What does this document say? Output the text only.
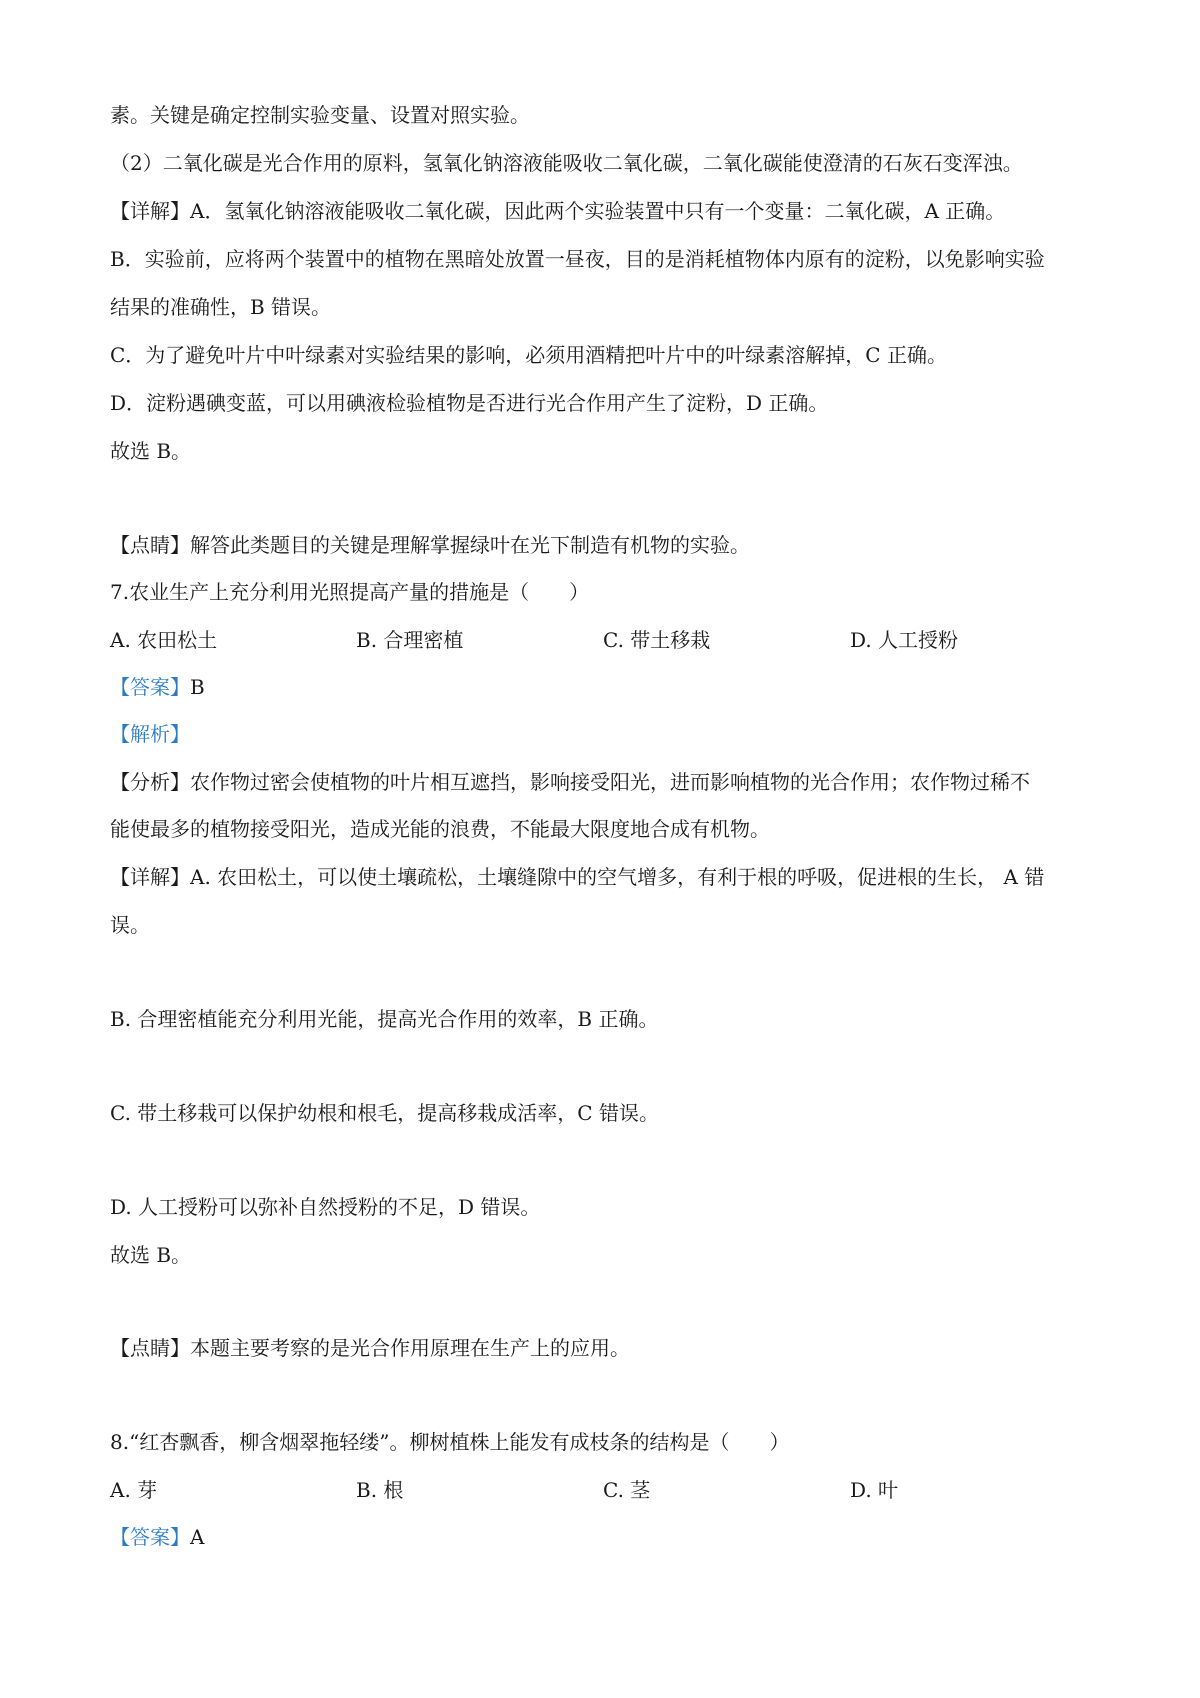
素。关键是确定控制实验变量、设置对照实验。
（2）二氧化碳是光合作用的原料，氢氧化钠溶液能吸收二氧化碳，二氧化碳能使澄清的石灰石变浑浊。
【详解】A．氢氧化钠溶液能吸收二氧化碳，因此两个实验装置中只有一个变量：二氧化碳，A 正确。
B．实验前，应将两个装置中的植物在黑暗处放置一昼夜，目的是消耗植物体内原有的淀粉，以免影响实验
结果的准确性，B 错误。
C．为了避免叶片中叶绿素对实验结果的影响，必须用酒精把叶片中的叶绿素溶解掉，C 正确。
D．淀粉遇碘变蓝，可以用碘液检验植物是否进行光合作用产生了淀粉，D 正确。
故选 B。
【点睛】解答此类题目的关键是理解掌握绿叶在光下制造有机物的实验。
7.农业生产上充分利用光照提高产量的措施是（　　）
A. 农田松土	B. 合理密植	C. 带土移栽	D. 人工授粉
【答案】B
【解析】
【分析】农作物过密会使植物的叶片相互遮挡，影响接受阳光，进而影响植物的光合作用；农作物过稀不
能使最多的植物接受阳光，造成光能的浪费，不能最大限度地合成有机物。
【详解】A. 农田松土，可以使土壤疏松，土壤缝隙中的空气增多，有利于根的呼吸，促进根的生长， A 错
误。
B. 合理密植能充分利用光能，提高光合作用的效率，B 正确。
C. 带土移栽可以保护幼根和根毛，提高移栽成活率，C 错误。
D. 人工授粉可以弥补自然授粉的不足，D 错误。
故选 B。
【点睛】本题主要考察的是光合作用原理在生产上的应用。
8.“红杏飘香，柳含烟翠拖轻缕”。柳树植株上能发有成枝条的结构是（　　）
A. 芽	B. 根	C. 茎	D. 叶
【答案】A
